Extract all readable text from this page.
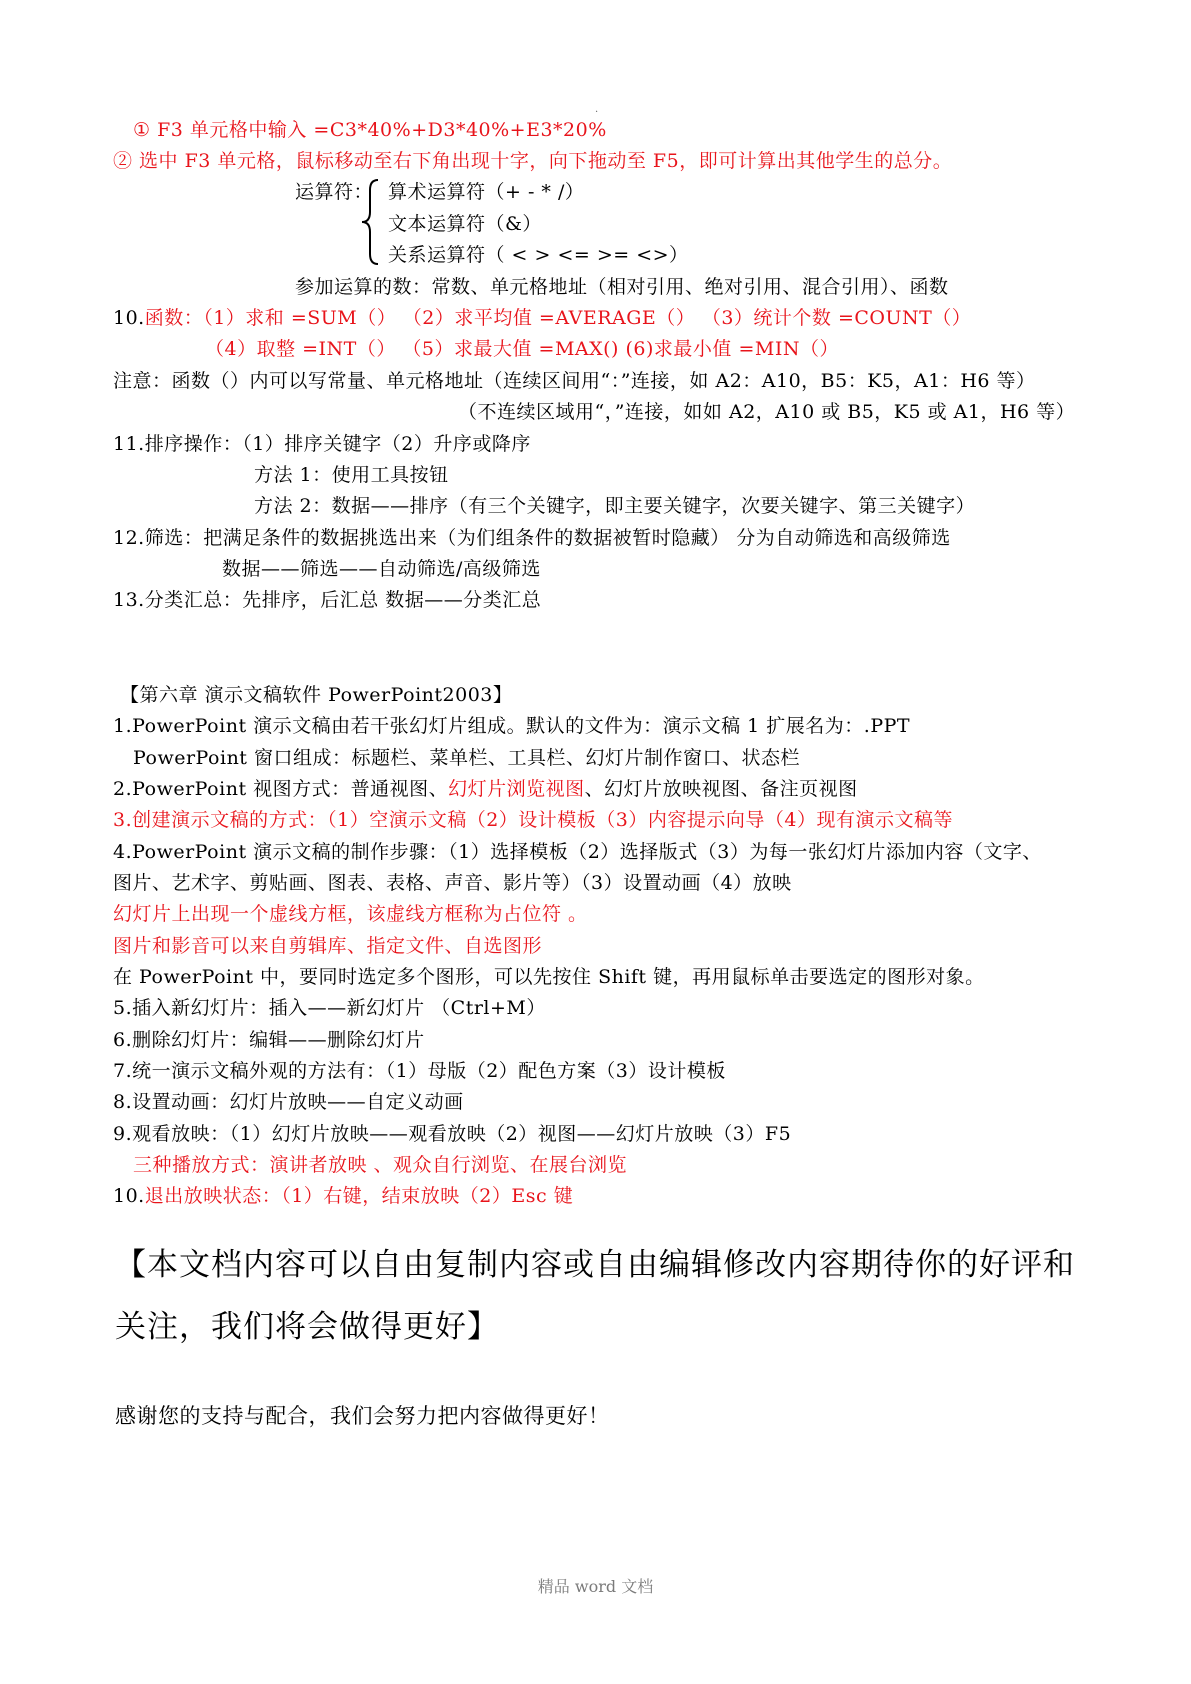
.
① F3 单元格中输入 =C3*40%+D3*40%+E3*20%
② 选中 F3 单元格，鼠标移动至右下角出现十字，向下拖动至 F5，即可计算出其他学生的总分。
运算符： 算术运算符（+ - * /）
文本运算符（&）
关系运算符（ < > <= >= <>）
参加运算的数：常数、单元格地址（相对引用、绝对引用、混合引用）、函数
10.函数：（1）求和 =SUM（） （2）求平均值 =AVERAGE（） （3）统计个数 =COUNT（）
（4）取整 =INT（） （5）求最大值 =MAX() (6)求最小值 =MIN（）
注意：函数（）内可以写常量、单元格地址（连续区间用“：”连接，如 A2：A10，B5：K5，A1：H6 等）
（不连续区域用“，”连接，如如 A2，A10 或 B5，K5 或 A1，H6 等）
11.排序操作：（1）排序关键字（2）升序或降序
方法 1：使用工具按钮
方法 2：数据——排序（有三个关键字，即主要关键字，次要关键字、第三关键字）
12.筛选：把满足条件的数据挑选出来（为们组条件的数据被暂时隐藏） 分为自动筛选和高级筛选
数据——筛选——自动筛选/高级筛选
13.分类汇总：先排序，后汇总 数据——分类汇总
【第六章 演示文稿软件 PowerPoint2003】
1.PowerPoint 演示文稿由若干张幻灯片组成。默认的文件为：演示文稿 1 扩展名为：.PPT
PowerPoint 窗口组成：标题栏、菜单栏、工具栏、幻灯片制作窗口、状态栏
2.PowerPoint 视图方式：普通视图、幻灯片浏览视图、幻灯片放映视图、备注页视图
3.创建演示文稿的方式：（1）空演示文稿（2）设计模板（3）内容提示向导（4）现有演示文稿等
4.PowerPoint 演示文稿的制作步骤：（1）选择模板（2）选择版式（3）为每一张幻灯片添加内容（文字、
图片、艺术字、剪贴画、图表、表格、声音、影片等）（3）设置动画（4）放映
幻灯片上出现一个虚线方框，该虚线方框称为占位符 。
图片和影音可以来自剪辑库、指定文件、自选图形
在 PowerPoint 中，要同时选定多个图形，可以先按住 Shift 键，再用鼠标单击要选定的图形对象。
5.插入新幻灯片：插入——新幻灯片 （Ctrl+M）
6.删除幻灯片：编辑——删除幻灯片
7.统一演示文稿外观的方法有：（1）母版（2）配色方案（3）设计模板
8.设置动画：幻灯片放映——自定义动画
9.观看放映：（1）幻灯片放映——观看放映（2）视图——幻灯片放映（3）F5
三种播放方式：演讲者放映 、观众自行浏览、在展台浏览
10.退出放映状态：（1）右键，结束放映（2）Esc 键
【本文档内容可以自由复制内容或自由编辑修改内容期待你的好评和
关注，我们将会做得更好】
感谢您的支持与配合，我们会努力把内容做得更好！
精品 word 文档
